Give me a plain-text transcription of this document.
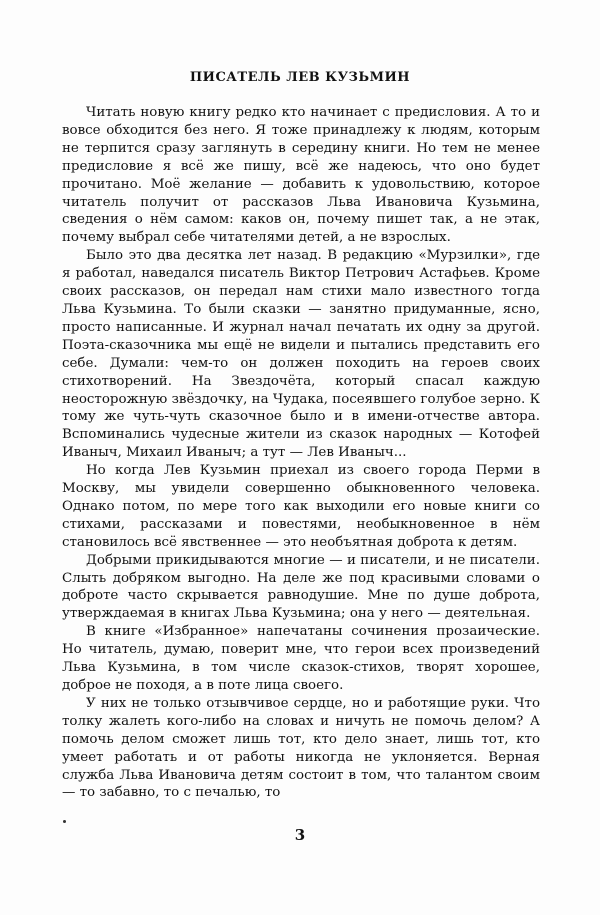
ПИСАТЕЛЬ ЛЕВ КУЗЬМИН

Читать новую книгу редко кто начинает с предисловия. А то и вовсе обходится без него. Я тоже принадлежу к людям, которым не терпится сразу заглянуть в середину книги. Но тем не менее предисловие я всё же пишу, всё же надеюсь, что оно будет прочитано. Моё желание — добавить к удовольствию, которое читатель получит от рассказов Льва Ивановича Кузьмина, сведения о нём самом: каков он, почему пишет так, а не этак, почему выбрал себе читателями детей, а не взрослых.

Было это два десятка лет назад. В редакцию «Мурзилки», где я работал, наведался писатель Виктор Петрович Астафьев. Кроме своих рассказов, он передал нам стихи мало известного тогда Льва Кузьмина. То были сказки — занятно придуманные, ясно, просто написанные. И журнал начал печатать их одну за другой. Поэта-сказочника мы ещё не видели и пытались представить его себе. Думали: чем-то он должен походить на героев своих стихотворений. На Звездочёта, который спасал каждую неосторожную звёздочку, на Чудака, посеявшего голубое зерно. К тому же чуть-чуть сказочное было и в имени-отчестве автора. Вспоминались чудесные жители из сказок народных — Котофей Иваныч, Михаил Иваныч; а тут — Лев Иваныч...

Но когда Лев Кузьмин приехал из своего города Перми в Москву, мы увидели совершенно обыкновенного человека. Однако потом, по мере того как выходили его новые книги со стихами, рассказами и повестями, необыкновенное в нём становилось всё явственнее — это необъятная доброта к детям.

Добрыми прикидываются многие — и писатели, и не писатели. Слыть добряком выгодно. На деле же под красивыми словами о доброте часто скрывается равнодушие. Мне по душе доброта, утверждаемая в книгах Льва Кузьмина; она у него — деятельная.

В книге «Избранное» напечатаны сочинения прозаические. Но читатель, думаю, поверит мне, что герои всех произведений Льва Кузьмина, в том числе сказок-стихов, творят хорошее, доброе не походя, а в поте лица своего.

У них не только отзывчивое сердце, но и работящие руки. Что толку жалеть кого-либо на словах и ничуть не помочь делом? А помочь делом сможет лишь тот, кто дело знает, лишь тот, кто умеет работать и от работы никогда не уклоняется. Верная служба Льва Ивановича детям состоит в том, что талантом своим — то забавно, то с печалью, то

3
